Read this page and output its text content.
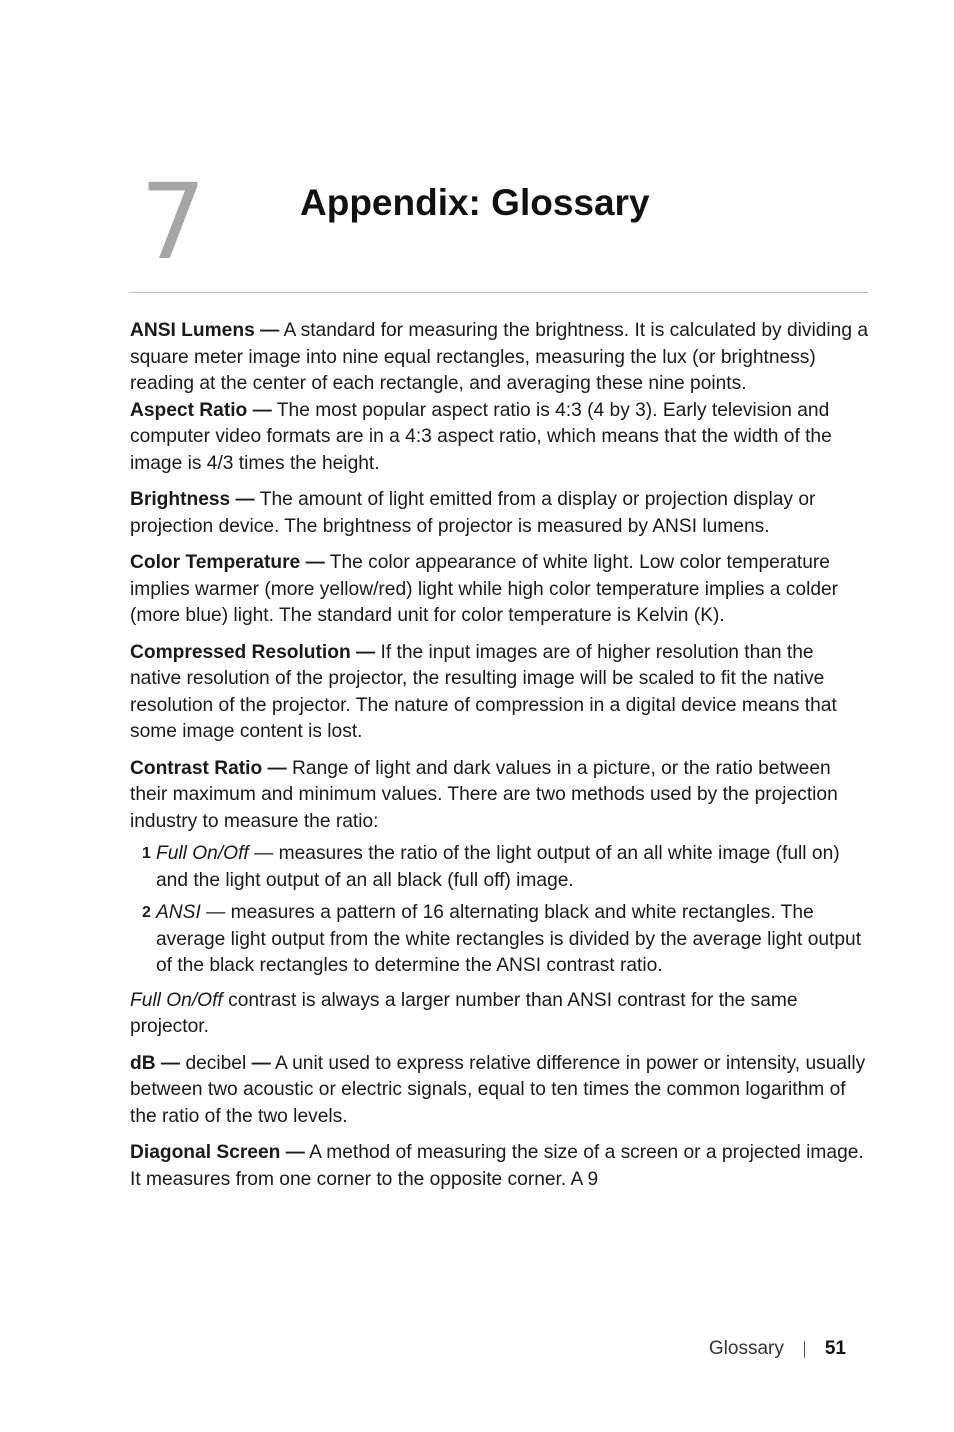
7	Appendix: Glossary

ANSI Lumens — A standard for measuring the brightness. It is calculated by dividing a square meter image into nine equal rectangles, measuring the lux (or brightness) reading at the center of each rectangle, and averaging these nine points.

Aspect Ratio — The most popular aspect ratio is 4:3 (4 by 3). Early television and computer video formats are in a 4:3 aspect ratio, which means that the width of the image is 4/3 times the height.

Brightness — The amount of light emitted from a display or projection display or projection device. The brightness of projector is measured by ANSI lumens.

Color Temperature — The color appearance of white light. Low color temperature implies warmer (more yellow/red) light while high color temperature implies a colder (more blue) light. The standard unit for color temperature is Kelvin (K).

Compressed Resolution — If the input images are of higher resolution than the native resolution of the projector, the resulting image will be scaled to fit the native resolution of the projector. The nature of compression in a digital device means that some image content is lost.

Contrast Ratio — Range of light and dark values in a picture, or the ratio between their maximum and minimum values. There are two methods used by the projection industry to measure the ratio:

1 Full On/Off — measures the ratio of the light output of an all white image (full on) and the light output of an all black (full off) image.
2 ANSI — measures a pattern of 16 alternating black and white rectangles. The average light output from the white rectangles is divided by the average light output of the black rectangles to determine the ANSI contrast ratio.

Full On/Off contrast is always a larger number than ANSI contrast for the same projector.

dB — decibel — A unit used to express relative difference in power or intensity, usually between two acoustic or electric signals, equal to ten times the common logarithm of the ratio of the two levels.

Diagonal Screen — A method of measuring the size of a screen or a projected image. It measures from one corner to the opposite corner. A 9

Glossary 51
